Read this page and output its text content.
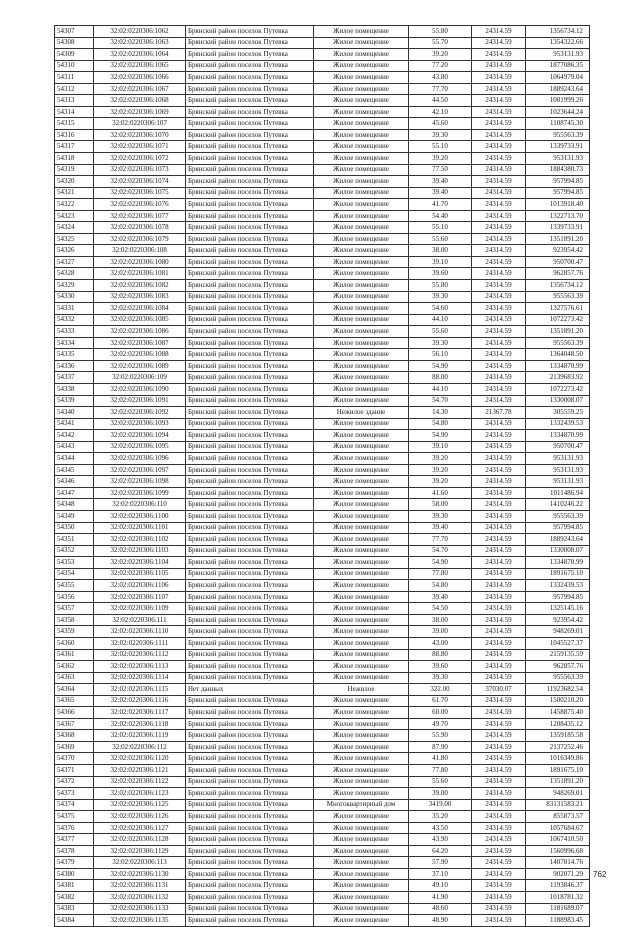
54307	32:02:0220306:1062	Брянский район поселок Путевка	Жилое помещение	55.80	24314.59	1356734.12
54308	32:02:0220306:1063	Брянский район поселок Путевка	Жилое помещение	55.70	24314.59	1354322.66
54309	32:02:0220306:1064	Брянский район поселок Путевка	Жилое помещение	39.20	24314.59	953131.93
54310	32:02:0220306:1065	Брянский район поселок Путевка	Жилое помещение	77.20	24314.59	1877086.35
54311	32:02:0220306:1066	Брянский район поселок Путевка	Жилое помещение	43.80	24314.59	1064979.04
54312	32:02:0220306:1067	Брянский район поселок Путевка	Жилое помещение	77.70	24314.59	1889243.64
54313	32:02:0220306:1068	Брянский район поселок Путевка	Жилое помещение	44.50	24314.59	1081999.26
54314	32:02:0220306:1069	Брянский район поселок Путевка	Жилое помещение	42.10	24314.59	1023644.24
54315	32:02:0220306:107	Брянский район поселок Путевка	Жилое помещение	45.60	24314.59	1108745.30
54316	32:02:0220306:1070	Брянский район поселок Путевка	Жилое помещение	39.30	24314.59	955563.39
54317	32:02:0220306:1071	Брянский район поселок Путевка	Жилое помещение	55.10	24314.59	1339733.91
54318	32:02:0220306:1072	Брянский район поселок Путевка	Жилое помещение	39.20	24314.59	953131.93
54319	32:02:0220306:1073	Брянский район поселок Путевка	Жилое помещение	77.50	24314.59	1884380.73
54320	32:02:0220306:1074	Брянский район поселок Путевка	Жилое помещение	39.40	24314.59	957994.85
54321	32:02:0220306:1075	Брянский район поселок Путевка	Жилое помещение	39.40	24314.59	957994.85
54322	32:02:0220306:1076	Брянский район поселок Путевка	Жилое помещение	41.70	24314.59	1013918.40
54323	32:02:0220306:1077	Брянский район поселок Путевка	Жилое помещение	54.40	24314.59	1322713.70
54324	32:02:0220306:1078	Брянский район поселок Путевка	Жилое помещение	55.10	24314.59	1339733.91
54325	32:02:0220306:1079	Брянский район поселок Путевка	Жилое помещение	55.60	24314.59	1351891.20
54326	32:02:0220306:108	Брянский район поселок Путевка	Жилое помещение	38.00	24314.59	923954.42
54327	32:02:0220306:1080	Брянский район поселок Путевка	Жилое помещение	39.10	24314.59	950700.47
54328	32:02:0220306:1081	Брянский район поселок Путевка	Жилое помещение	39.60	24314.59	962857.76
54329	32:02:0220306:1082	Брянский район поселок Путевка	Жилое помещение	55.80	24314.59	1356734.12
54330	32:02:0220306:1083	Брянский район поселок Путевка	Жилое помещение	39.30	24314.59	955563.39
54331	32:02:0220306:1084	Брянский район поселок Путевка	Жилое помещение	54.60	24314.59	1327576.61
54332	32:02:0220306:1085	Брянский район поселок Путевка	Жилое помещение	44.10	24314.59	1072273.42
54333	32:02:0220306:1086	Брянский район поселок Путевка	Жилое помещение	55.60	24314.59	1351891.20
54334	32:02:0220306:1087	Брянский район поселок Путевка	Жилое помещение	39.30	24314.59	955563.39
54335	32:02:0220306:1088	Брянский район поселок Путевка	Жилое помещение	56.10	24314.59	1364048.50
54336	32:02:0220306:1089	Брянский район поселок Путевка	Жилое помещение	54.90	24314.59	1334870.99
54337	32:02:0220306:109	Брянский район поселок Путевка	Жилое помещение	88.00	24314.59	2139683.92
54338	32:02:0220306:1090	Брянский район поселок Путевка	Жилое помещение	44.10	24314.59	1072273.42
54339	32:02:0220306:1091	Брянский район поселок Путевка	Жилое помещение	54.70	24314.59	1330008.07
54340	32:02:0220306:1092	Брянский район поселок Путевка	Нежилое здание	14.30	21367.78	305559.25
54341	32:02:0220306:1093	Брянский район поселок Путевка	Жилое помещение	54.80	24314.59	1332439.53
54342	32:02:0220306:1094	Брянский район поселок Путевка	Жилое помещение	54.90	24314.59	1334870.99
54343	32:02:0220306:1095	Брянский район поселок Путевка	Жилое помещение	39.10	24314.59	950700.47
54344	32:02:0220306:1096	Брянский район поселок Путевка	Жилое помещение	39.20	24314.59	953131.93
54345	32:02:0220306:1097	Брянский район поселок Путевка	Жилое помещение	39.20	24314.59	953131.93
54346	32:02:0220306:1098	Брянский район поселок Путевка	Жилое помещение	39.20	24314.59	953131.93
54347	32:02:0220306:1099	Брянский район поселок Путевка	Жилое помещение	41.60	24314.59	1011486.94
54348	32:02:0220306:110	Брянский район поселок Путевка	Жилое помещение	58.00	24314.59	1410246.22
54349	32:02:0220306:1100	Брянский район поселок Путевка	Жилое помещение	39.30	24314.59	955563.39
54350	32:02:0220306:1101	Брянский район поселок Путевка	Жилое помещение	39.40	24314.59	957994.85
54351	32:02:0220306:1102	Брянский район поселок Путевка	Жилое помещение	77.70	24314.59	1889243.64
54352	32:02:0220306:1103	Брянский район поселок Путевка	Жилое помещение	54.70	24314.59	1330008.07
54353	32:02:0220306:1104	Брянский район поселок Путевка	Жилое помещение	54.90	24314.59	1334870.99
54354	32:02:0220306:1105	Брянский район поселок Путевка	Жилое помещение	77.80	24314.59	1891675.10
54355	32:02:0220306:1106	Брянский район поселок Путевка	Жилое помещение	54.80	24314.59	1332439.53
54356	32:02:0220306:1107	Брянский район поселок Путевка	Жилое помещение	39.40	24314.59	957994.85
54357	32:02:0220306:1109	Брянский район поселок Путевка	Жилое помещение	54.50	24314.59	1325145.16
54358	32:02:0220306:111	Брянский район поселок Путевка	Жилое помещение	38.00	24314.59	923954.42
54359	32:02:0220306:1110	Брянский район поселок Путевка	Жилое помещение	39.00	24314.59	948269.01
54360	32:02:0220306:1111	Брянский район поселок Путевка	Жилое помещение	43.00	24314.59	1045527.37
54361	32:02:0220306:1112	Брянский район поселок Путевка	Жилое помещение	88.80	24314.59	2159135.59
54362	32:02:0220306:1113	Брянский район поселок Путевка	Жилое помещение	39.60	24314.59	962857.76
54363	32:02:0220306:1114	Брянский район поселок Путевка	Жилое помещение	39.30	24314.59	955563.39
54364	32:02:0220306:1115	Нет данных	Нежилое	322.00	37030.07	11923682.54
54365	32:02:0220306:1116	Брянский район поселок Путевка	Жилое помещение	61.70	24314.59	1500210.20
54366	32:02:0220306:1117	Брянский район поселок Путевка	Жилое помещение	60.00	24314.59	1458875.40
54367	32:02:0220306:1118	Брянский район поселок Путевка	Жилое помещение	49.70	24314.59	1208435.12
54368	32:02:0220306:1119	Брянский район поселок Путевка	Жилое помещение	55.90	24314.59	1359185.58
54369	32:02:0220306:112	Брянский район поселок Путевка	Жилое помещение	87.90	24314.59	2137252.46
54370	32:02:0220306:1120	Брянский район поселок Путевка	Жилое помещение	41.80	24314.59	1016349.86
54371	32:02:0220306:1121	Брянский район поселок Путевка	Жилое помещение	77.80	24314.59	1891675.10
54372	32:02:0220306:1122	Брянский район поселок Путевка	Жилое помещение	55.60	24314.59	1351891.20
54373	32:02:0220306:1123	Брянский район поселок Путевка	Жилое помещение	39.00	24314.59	948269.01
54374	32:02:0220306:1125	Брянский район поселок Путевка	Многоквартирный дом	3419.00	24314.59	83131583.21
54375	32:02:0220306:1126	Брянский район поселок Путевка	Жилое помещение	35.20	24314.59	855873.57
54376	32:02:0220306:1127	Брянский район поселок Путевка	Жилое помещение	43.50	24314.59	1057684.67
54377	32:02:0220306:1128	Брянский район поселок Путевка	Жилое помещение	43.90	24314.59	1067410.50
54378	32:02:0220306:1129	Брянский район поселок Путевка	Жилое помещение	64.20	24314.59	1560996.68
54379	32:02:0220306:113	Брянский район поселок Путевка	Жилое помещение	57.90	24314.59	1407814.76
54380	32:02:0220306:1130	Брянский район поселок Путевка	Жилое помещение	37.10	24314.59	902071.29
54381	32:02:0220306:1131	Брянский район поселок Путевка	Жилое помещение	49.10	24314.59	1193846.37
54382	32:02:0220306:1132	Брянский район поселок Путевка	Жилое помещение	41.90	24314.59	1018781.32
54383	32:02:0220306:1133	Брянский район поселок Путевка	Жилое помещение	48.60	24314.59	1181689.07
54384	32:02:0220306:1135	Брянский район поселок Путевка	Жилое помещение	48.90	24314.59	1188983.45
762
